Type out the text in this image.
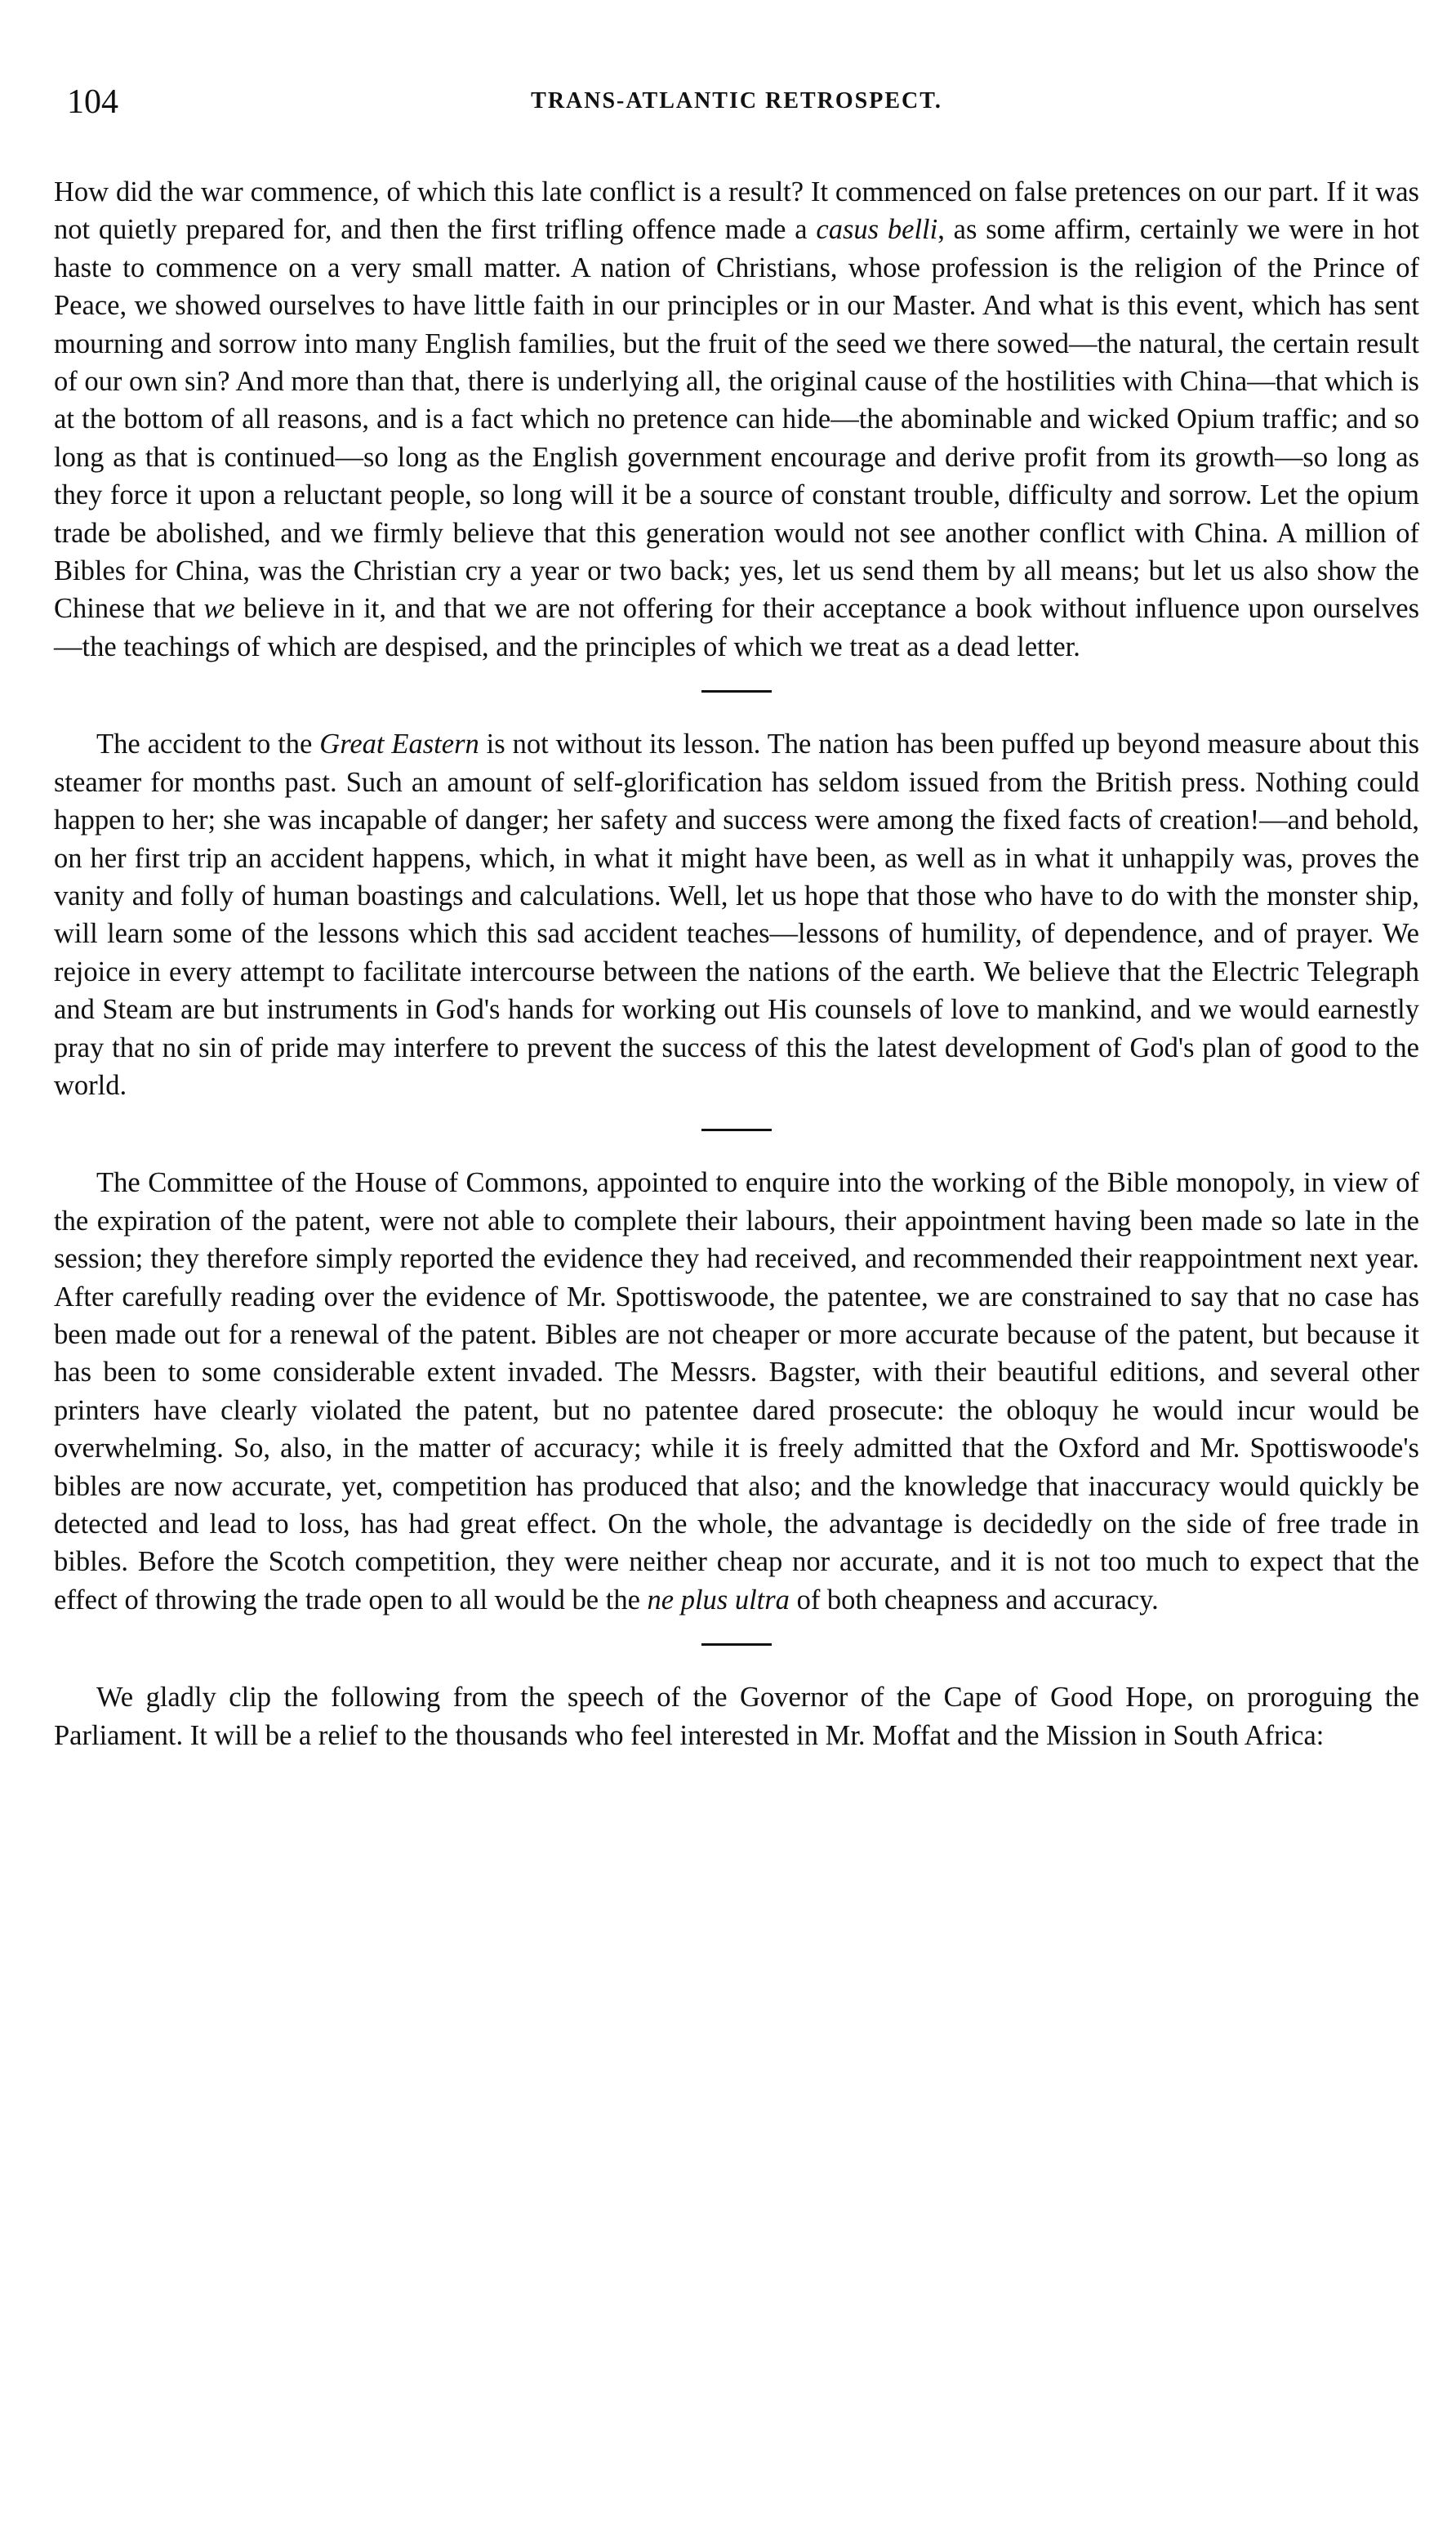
104	TRANS-ATLANTIC RETROSPECT.

How did the war commence, of which this late conflict is a result? It commenced on false pretences on our part. If it was not quietly prepared for, and then the first trifling offence made a casus belli, as some affirm, certainly we were in hot haste to commence on a very small matter. A nation of Christians, whose profession is the religion of the Prince of Peace, we showed ourselves to have little faith in our principles or in our Master. And what is this event, which has sent mourning and sorrow into many English families, but the fruit of the seed we there sowed—the natural, the certain result of our own sin? And more than that, there is underlying all, the original cause of the hostilities with China—that which is at the bottom of all reasons, and is a fact which no pretence can hide—the abominable and wicked Opium traffic; and so long as that is continued—so long as the English government encourage and derive profit from its growth—so long as they force it upon a reluctant people, so long will it be a source of constant trouble, difficulty and sorrow. Let the opium trade be abolished, and we firmly believe that this generation would not see another conflict with China. A million of Bibles for China, was the Christian cry a year or two back; yes, let us send them by all means; but let us also show the Chinese that we believe in it, and that we are not offering for their acceptance a book without influence upon ourselves—the teachings of which are despised, and the principles of which we treat as a dead letter.

The accident to the Great Eastern is not without its lesson. The nation has been puffed up beyond measure about this steamer for months past. Such an amount of self-glorification has seldom issued from the British press. Nothing could happen to her; she was incapable of danger; her safety and success were among the fixed facts of creation!—and behold, on her first trip an accident happens, which, in what it might have been, as well as in what it unhappily was, proves the vanity and folly of human boastings and calculations. Well, let us hope that those who have to do with the monster ship, will learn some of the lessons which this sad accident teaches—lessons of humility, of dependence, and of prayer. We rejoice in every attempt to facilitate intercourse between the nations of the earth. We believe that the Electric Telegraph and Steam are but instruments in God's hands for working out His counsels of love to mankind, and we would earnestly pray that no sin of pride may interfere to prevent the success of this the latest development of God's plan of good to the world.

The Committee of the House of Commons, appointed to enquire into the working of the Bible monopoly, in view of the expiration of the patent, were not able to complete their labours, their appointment having been made so late in the session; they therefore simply reported the evidence they had received, and recommended their reappointment next year. After carefully reading over the evidence of Mr. Spottiswoode, the patentee, we are constrained to say that no case has been made out for a renewal of the patent. Bibles are not cheaper or more accurate because of the patent, but because it has been to some considerable extent invaded. The Messrs. Bagster, with their beautiful editions, and several other printers have clearly violated the patent, but no patentee dared prosecute: the obloquy he would incur would be overwhelming. So, also, in the matter of accuracy; while it is freely admitted that the Oxford and Mr. Spottiswoode's bibles are now accurate, yet, competition has produced that also; and the knowledge that inaccuracy would quickly be detected and lead to loss, has had great effect. On the whole, the advantage is decidedly on the side of free trade in bibles. Before the Scotch competition, they were neither cheap nor accurate, and it is not too much to expect that the effect of throwing the trade open to all would be the ne plus ultra of both cheapness and accuracy.

We gladly clip the following from the speech of the Governor of the Cape of Good Hope, on proroguing the Parliament. It will be a relief to the thousands who feel interested in Mr. Moffat and the Mission in South Africa:
